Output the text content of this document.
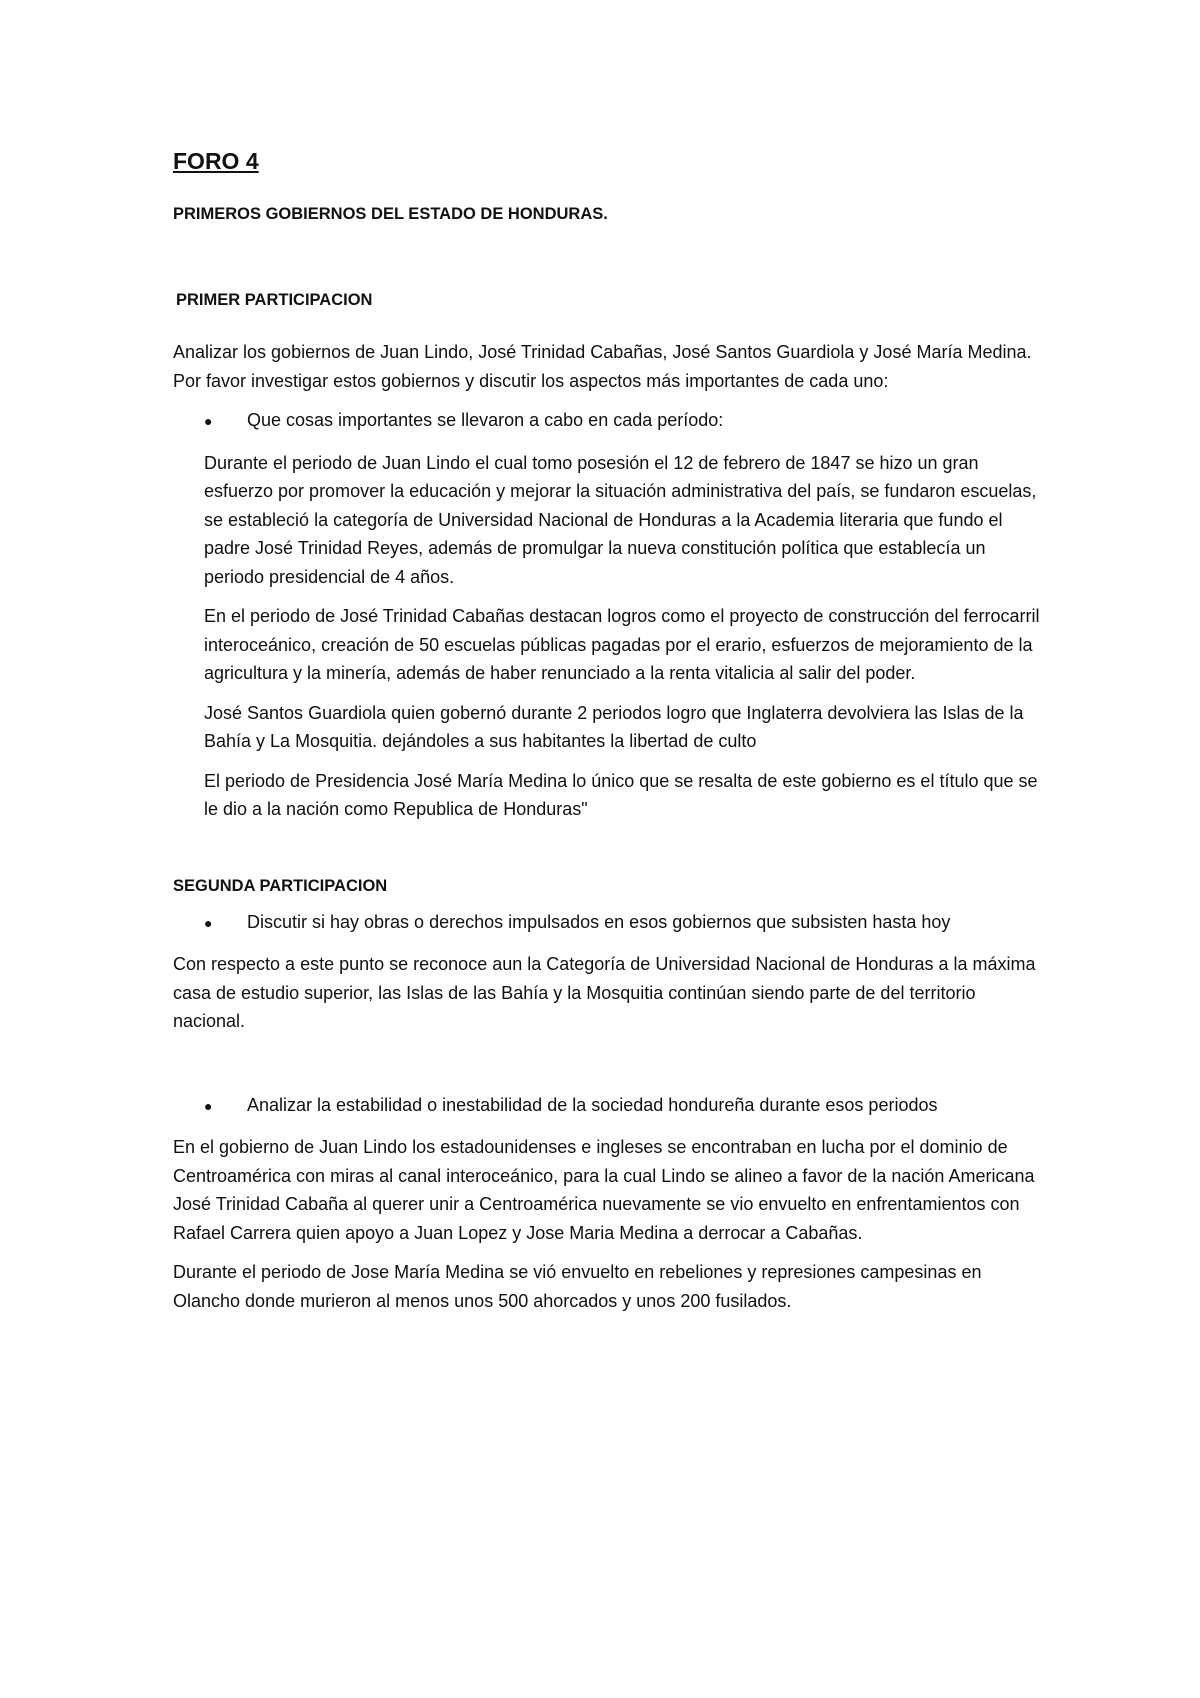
FORO 4
PRIMEROS GOBIERNOS DEL ESTADO DE HONDURAS.
PRIMER PARTICIPACION

Analizar los gobiernos de Juan Lindo, José Trinidad Cabañas, José Santos Guardiola y José María Medina. Por favor investigar estos gobiernos y discutir los aspectos más importantes de cada uno:

●	Que cosas importantes se llevaron a cabo en cada período:

Durante el periodo de Juan Lindo el cual tomo posesión el 12 de febrero de 1847 se hizo un gran esfuerzo por promover la educación y mejorar la situación administrativa del país, se fundaron escuelas, se estableció la categoría de Universidad Nacional de Honduras a la Academia literaria que fundo el padre José Trinidad Reyes, además de promulgar la nueva constitución política que establecía un periodo presidencial de 4 años.

En el periodo de José Trinidad Cabañas destacan logros como el proyecto de construcción del ferrocarril interoceánico, creación de 50 escuelas públicas pagadas por el erario, esfuerzos de mejoramiento de la agricultura y la minería, además de haber renunciado a la renta vitalicia al salir del poder.

José Santos Guardiola quien gobernó durante 2 periodos logro que Inglaterra devolviera las Islas de la Bahía y La Mosquitia. dejándoles a sus habitantes la libertad de culto

El periodo de Presidencia José María Medina lo único que se resalta de este gobierno es el título que se le dio a la nación como Republica de Honduras"

SEGUNDA PARTICIPACION
●	Discutir si hay obras o derechos impulsados en esos gobiernos que subsisten hasta hoy

Con respecto a este punto se reconoce aun la Categoría de Universidad Nacional de Honduras a la máxima casa de estudio superior, las Islas de las Bahía y la Mosquitia continúan siendo parte de del territorio nacional.

●	Analizar la estabilidad o inestabilidad de la sociedad hondureña durante esos periodos

En el gobierno de Juan Lindo los estadounidenses e ingleses se encontraban en lucha por el dominio de Centroamérica con miras al canal interoceánico, para la cual Lindo se alineo a favor de la nación Americana José Trinidad Cabaña al querer unir a Centroamérica nuevamente se vio envuelto en enfrentamientos con Rafael Carrera quien apoyo a Juan Lopez y Jose Maria Medina a derrocar a Cabañas.

Durante el periodo de Jose María Medina se vió envuelto en rebeliones y represiones campesinas en Olancho donde murieron al menos unos 500 ahorcados y unos 200 fusilados.
